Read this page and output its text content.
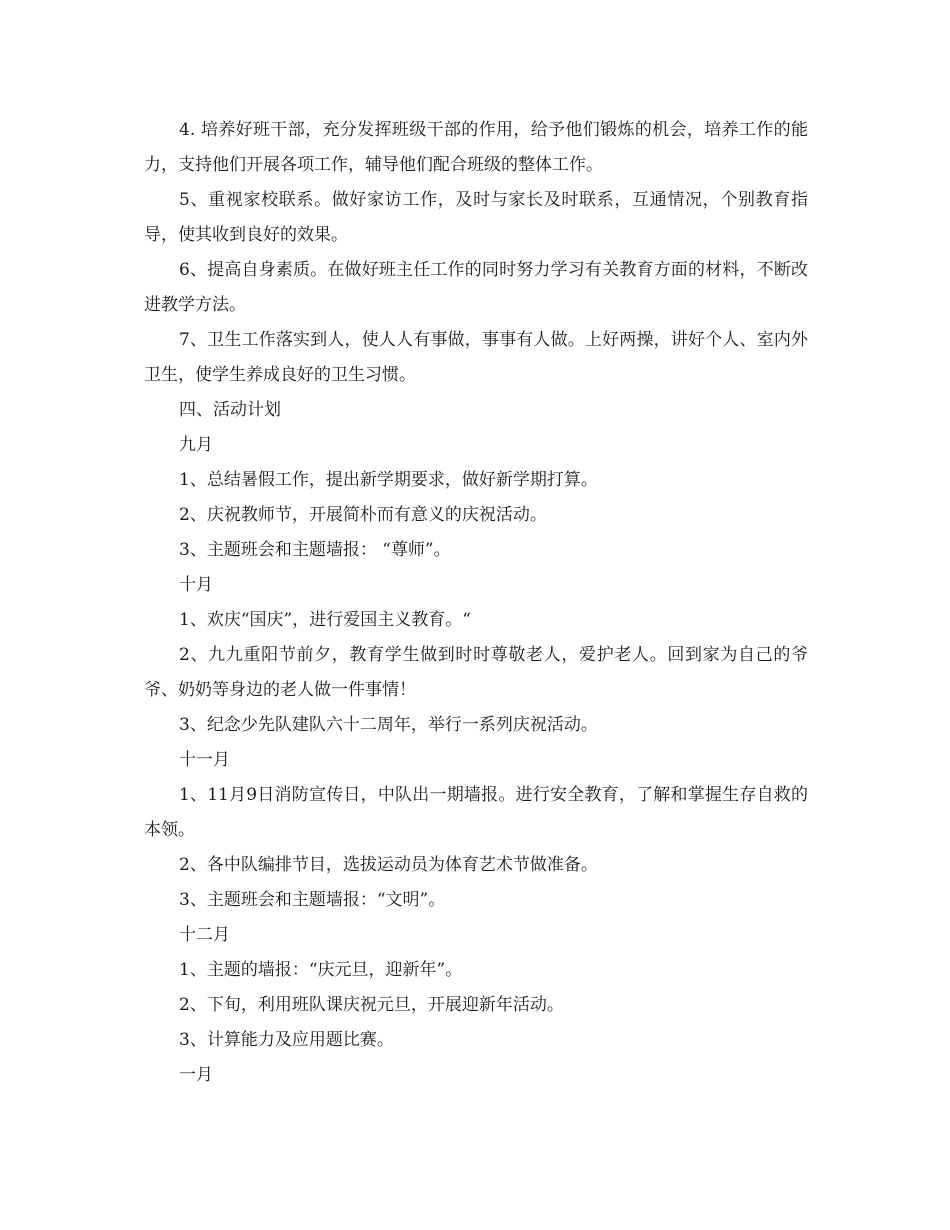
4. 培养好班干部，充分发挥班级干部的作用，给予他们锻炼的机会，培养工作的能力，支持他们开展各项工作，辅导他们配合班级的整体工作。

5、重视家校联系。做好家访工作，及时与家长及时联系，互通情况，个别教育指导，使其收到良好的效果。

6、提高自身素质。在做好班主任工作的同时努力学习有关教育方面的材料，不断改进教学方法。

7、卫生工作落实到人，使人人有事做，事事有人做。上好两操，讲好个人、室内外卫生，使学生养成良好的卫生习惯。

四、活动计划

九月

1、总结暑假工作，提出新学期要求，做好新学期打算。

2、庆祝教师节，开展简朴而有意义的庆祝活动。

3、主题班会和主题墙报： “尊师”。

十月

1、欢庆“国庆”，进行爱国主义教育。“

2、九九重阳节前夕，教育学生做到时时尊敬老人，爱护老人。回到家为自己的爷爷、奶奶等身边的老人做一件事情！

3、纪念少先队建队六十二周年，举行一系列庆祝活动。

十一月

1、11月9日消防宣传日，中队出一期墙报。进行安全教育，了解和掌握生存自救的本领。

2、各中队编排节目，选拔运动员为体育艺术节做准备。

3、主题班会和主题墙报：“文明”。

十二月

1、主题的墙报：“庆元旦，迎新年”。

2、下旬，利用班队课庆祝元旦，开展迎新年活动。

3、计算能力及应用题比赛。

一月
